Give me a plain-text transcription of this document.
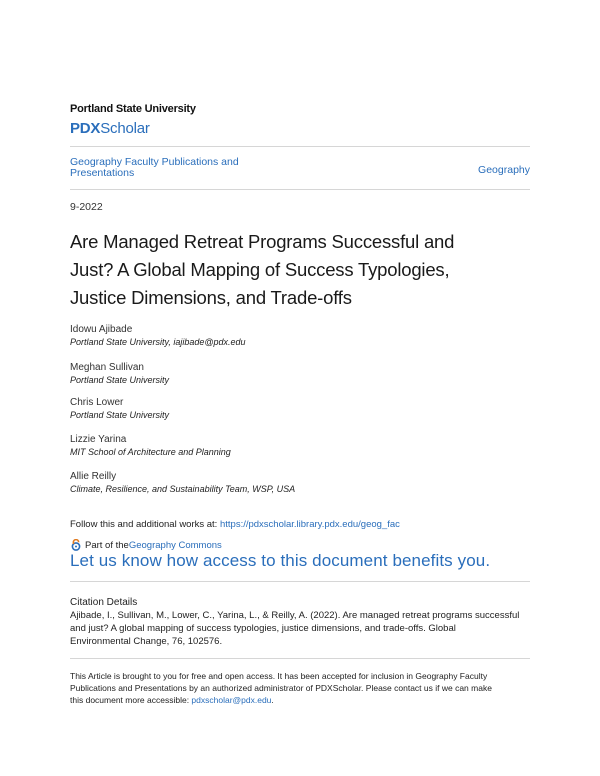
Portland State University
PDXScholar
Geography Faculty Publications and
Presentations	Geography
9-2022
Are Managed Retreat Programs Successful and
Just? A Global Mapping of Success Typologies,
Justice Dimensions, and Trade-offs
Idowu Ajibade
Portland State University, iajibade@pdx.edu
Meghan Sullivan
Portland State University
Chris Lower
Portland State University
Lizzie Yarina
MIT School of Architecture and Planning
Allie Reilly
Climate, Resilience, and Sustainability Team, WSP, USA
Follow this and additional works at: https://pdxscholar.library.pdx.edu/geog_fac
Part of the Geography Commons
Let us know how access to this document benefits you.
Citation Details
Ajibade, I., Sullivan, M., Lower, C., Yarina, L., & Reilly, A. (2022). Are managed retreat programs successful
and just? A global mapping of success typologies, justice dimensions, and trade-offs. Global
Environmental Change, 76, 102576.
This Article is brought to you for free and open access. It has been accepted for inclusion in Geography Faculty
Publications and Presentations by an authorized administrator of PDXScholar. Please contact us if we can make
this document more accessible: pdxscholar@pdx.edu.
